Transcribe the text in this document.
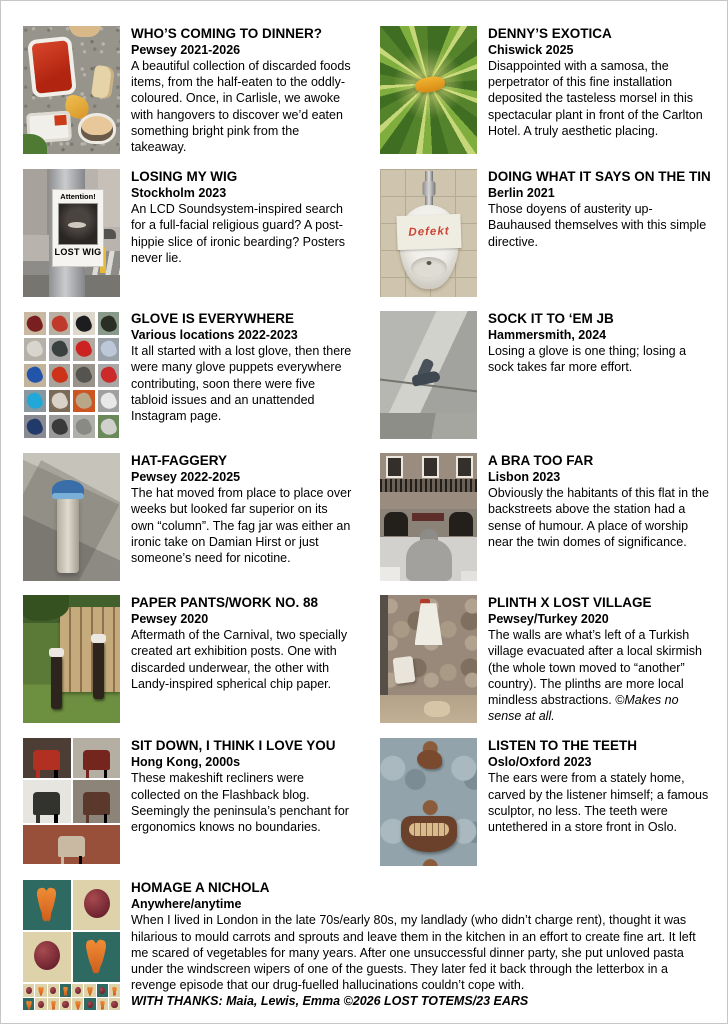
WHO’S COMING TO DINNER?
Pewsey 2021-2026

A beautiful collection of discarded foods items, from the half-eaten to the oddly-coloured. Once, in Carlisle, we awoke with hangovers to discover we’d eaten something bright pink from the takeaway.

DENNY’S EXOTICA
Chiswick 2025

Disappointed with a samosa, the perpetrator of this fine installation deposited the tasteless morsel in this spectacular plant in front of the Carlton Hotel. A truly aesthetic placing.

Attention!
LOST WIG
LOSING MY WIG
Stockholm 2023

An LCD Soundsystem-inspired search for a full-facial religious guard? A post-hippie slice of ironic bearding? Posters never lie.

Defekt
DOING WHAT IT SAYS ON THE TIN
Berlin 2021

Those doyens of austerity up-Bauhaused themselves with this simple directive.

GLOVE IS EVERYWHERE
Various locations 2022-2023

It all started with a lost glove, then there were many glove puppets everywhere contributing, soon there were five tabloid issues and an unattended Instagram page.

SOCK IT TO ‘EM JB
Hammersmith, 2024

Losing a glove is one thing; losing a sock takes far more effort.

HAT-FAGGERY
Pewsey 2022-2025

The hat moved from place to place over weeks but looked far superior on its own “column”. The fag jar was either an ironic take on Damian Hirst or just someone’s need for nicotine.

A BRA TOO FAR
Lisbon 2023

Obviously the habitants of this flat in the backstreets above the station had a sense of humour. A place of worship near the twin domes of significance.

PAPER PANTS/WORK NO. 88
Pewsey 2020

Aftermath of the Carnival, two specially created art exhibition posts. One with discarded underwear, the other with Landy-inspired spherical chip paper.

PLINTH X LOST VILLAGE
Pewsey/Turkey 2020

The walls are what’s left of a Turkish village evacuated after a local skirmish (the whole town moved to “another” country). The plinths are more local mindless abstractions. ©Makes no sense at all.

SIT DOWN, I THINK I LOVE YOU
Hong Kong, 2000s

These makeshift recliners were collected on the Flashback blog. Seemingly the peninsula’s penchant for ergonomics knows no boundaries.

LISTEN TO THE TEETH
Oslo/Oxford 2023

The ears were from a stately home, carved by the listener himself; a famous sculptor, no less. The teeth were untethered in a store front in Oslo.

HOMAGE A NICHOLA
Anywhere/anytime

When I lived in London in the late 70s/early 80s, my landlady (who didn’t charge rent), thought it was hilarious to mould carrots and sprouts and leave them in the kitchen in an effort to create fine art. It left me scared of vegetables for many years. After one unsuccessful dinner party, she put unloved pasta under the windscreen wipers of one of the guests. They later fed it back through the letterbox in a revenge episode that our drug-fuelled hallucinations couldn’t cope with.

WITH THANKS: Maia, Lewis, Emma ©2026 LOST TOTEMS/23 EARS
